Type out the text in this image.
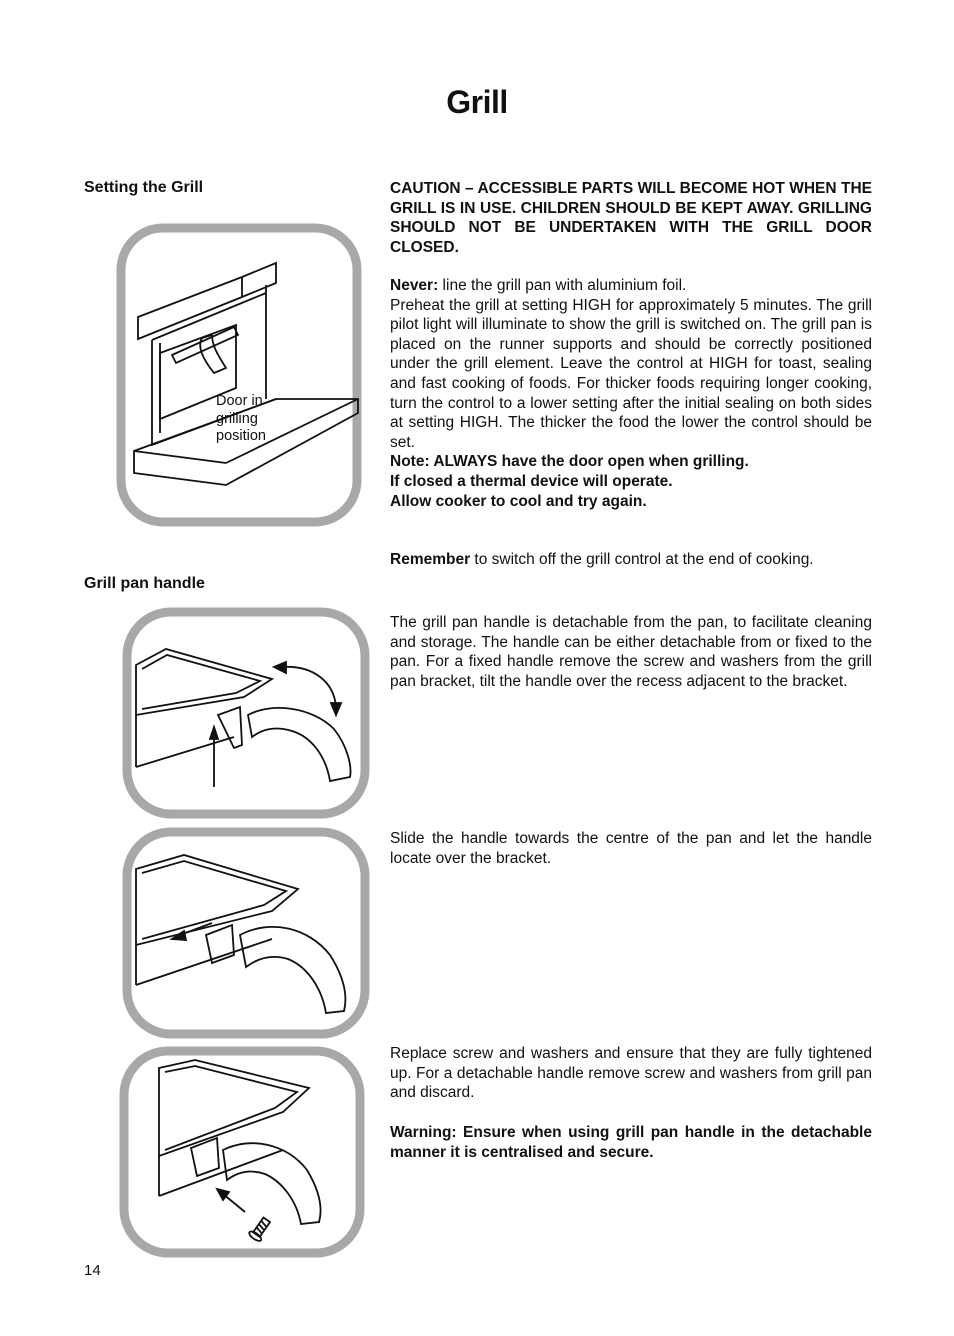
Grill
Setting the Grill
Grill pan handle
Door in
grilling
position

CAUTION – ACCESSIBLE PARTS WILL BECOME HOT WHEN THE GRILL IS IN USE. CHILDREN SHOULD BE KEPT AWAY. GRILLING SHOULD NOT BE UNDERTAKEN WITH THE GRILL DOOR CLOSED.

Never: line the grill pan with aluminium foil.

Preheat the grill at setting HIGH for approximately 5 minutes. The grill pilot light will illuminate to show the grill is switched on. The grill pan is placed on the runner supports and should be correctly positioned under the grill element. Leave the control at HIGH for toast, sealing and fast cooking of foods. For thicker foods requiring longer cooking, turn the control to a lower setting after the initial sealing on both sides at setting HIGH. The thicker the food the lower the control should be set.

Note: ALWAYS have the door open when grilling.

If closed a thermal device will operate.

Allow cooker to cool and try again.

Remember to switch off the grill control at the end of cooking.

The grill pan handle is detachable from the pan, to facilitate cleaning and storage. The handle can be either detachable from or fixed to the pan. For a fixed handle remove the screw and washers from the grill pan bracket, tilt the handle over the recess adjacent to the bracket.

Slide the handle towards the centre of the pan and let the handle locate over the bracket.

Replace screw and washers and ensure that they are fully tightened up. For a detachable handle remove screw and washers from grill pan and discard.

Warning: Ensure when using grill pan handle in the detachable manner it is centralised and secure.

14
